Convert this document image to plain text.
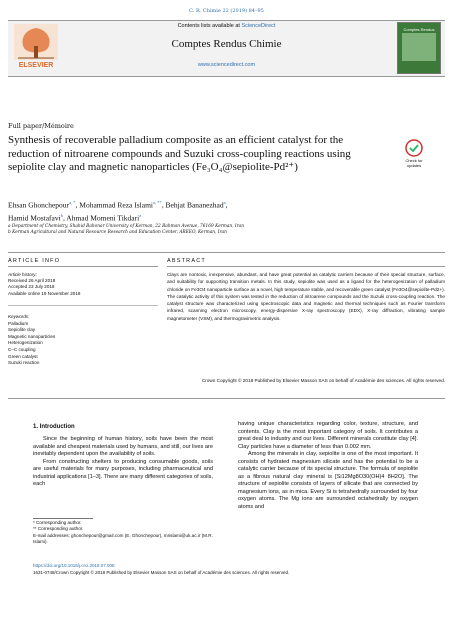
C. R. Chimie 22 (2019) 84–95
Contents lists available at ScienceDirect
Comptes Rendus Chimie
www.sciencedirect.com
ELSEVIER
Comptes Rendus
Full paper/Mémoire
Synthesis of recoverable palladium composite as an efficient catalyst for the reduction of nitroarene compounds and Suzuki cross-coupling reactions using sepiolite clay and magnetic nanoparticles (Fe₃O₄@sepiolite-Pd²⁺)
Check for updates
Ehsan Ghonchepour$^{a, *}$, Mohammad Reza Islami$^{a, **}$, Behjat Bananezhad$^a$,
Hamid Mostafavi$^b$, Ahmad Momeni Tikdari$^a$
a Department of Chemistry, Shahid Bahonar University of Kerman, 22 Bahman Avenue, 76169 Kerman, Iran
b Kerman Agricultural and Natural Resource Research and Education Center, AREEO, Kerman, Iran
ARTICLE INFO	ABSTRACT
Article history:
Received 26 April 2018
Accepted 23 July 2018
Available online 19 November 2018
Keywords:
Palladium
Sepiolite clay
Magnetic nanoparticles
Heterogenization
C–C coupling
Green catalyst
Suzuki reaction
Clays are nontoxic, inexpensive, abundant, and have great potential as catalytic carriers because of their special structure, surface, and suitability for supporting transition metals. In this study, sepiolite was used as a ligand for the heterogenization of palladium chloride on Fe3O4 nanoparticle surface as a novel, high temperature stable, and recoverable green catalyst (Fe3O4@sepiolite-Pd2+). The catalytic activity of this system was tested in the reduction of nitroarene compounds and the Suzuki cross-coupling reaction. The catalyst structure was characterized using spectroscopic data and magnetic and thermal techniques such as Fourier transform infrared, scanning electron microscopy, energy-dispersive X-ray spectroscopy (EDX), X-ray diffraction, vibrating sample magnetometer (VSM), and thermogravimetric analysis.
Crown Copyright © 2018 Published by Elsevier Masson SAS on behalf of Académie des sciences. All rights reserved.
1. Introduction

Since the beginning of human history, soils have been the most available and cheapest materials used by humans, and still, our lives are inevitably dependent upon the availability of soils.

From constructing shelters to producing consumable goods, soils are useful materials for many purposes, including pharmaceutical and industrial applications [1–3]. There are many different categories of soils, each

having unique characteristics regarding color, texture, structure, and contents. Clay is the most important category of soils. It contributes a great deal to industry and our lives. Different minerals constitute clay [4]. Clay particles have a diameter of less than 0.002 mm.

Among the minerals in clay, sepiolite is one of the most important. It consists of hydrated magnesium silicate and has the potential to be a catalytic carrier because of its special structure. The formula of sepiolite as a fibrous natural clay mineral is [Si12Mg8O30(OH)4 8H2O]. The structure of sepiolite consists of layers of silicate that are connected by magnesium ions, as in mica. Every Si is tetrahedrally surrounded by four oxygen atoms. The Mg ions are surrounded octahedrally by oxygen atoms and

* Corresponding author.
** Corresponding author.
E-mail addresses: ghonchepour@gmail.com (E. Ghonchepour), mrislami@uk.ac.ir (M.R. Islami).
https://doi.org/10.1016/j.crci.2018.07.008
1631-0748/Crown Copyright © 2018 Published by Elsevier Masson SAS on behalf of Académie des sciences. All rights reserved.
